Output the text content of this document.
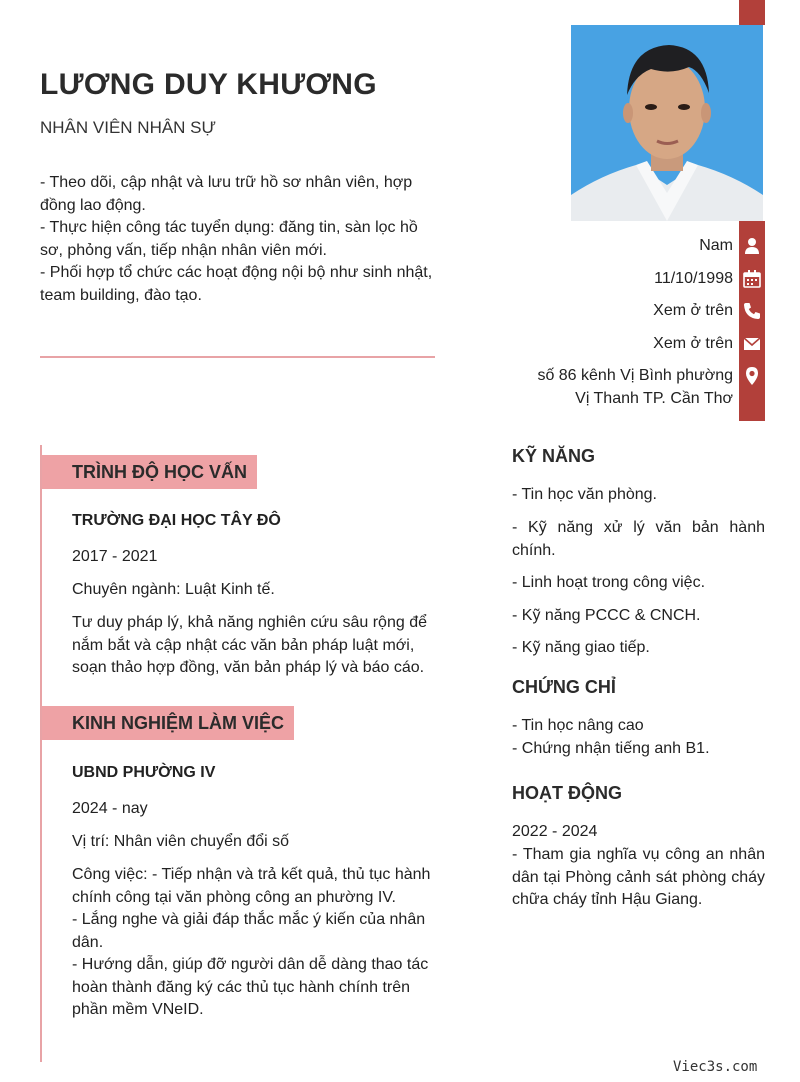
LƯƠNG DUY KHƯƠNG
NHÂN VIÊN NHÂN SỰ

- Theo dõi, cập nhật và lưu trữ hồ sơ nhân viên, hợp đồng lao động.

- Thực hiện công tác tuyển dụng: đăng tin, sàn lọc hồ sơ, phỏng vấn, tiếp nhận nhân viên mới.

- Phối hợp tổ chức các hoạt động nội bộ như sinh nhật, team building, đào tạo.

Nam
11/10/1998
Xem ở trên
Xem ở trên
số 86 kênh Vị Bình phường
Vị Thanh TP. Cần Thơ
TRÌNH ĐỘ HỌC VẤN
TRƯỜNG ĐẠI HỌC TÂY ĐÔ
2017 - 2021
Chuyên ngành: Luật Kinh tế.
Tư duy pháp lý, khả năng nghiên cứu sâu rộng để nắm bắt và cập nhật các văn bản pháp luật mới, soạn thảo hợp đồng, văn bản pháp lý và báo cáo.
KINH NGHIỆM LÀM VIỆC
UBND PHƯỜNG IV
2024 - nay
Vị trí: Nhân viên chuyển đổi số
Công việc: - Tiếp nhận và trả kết quả, thủ tục hành chính công tại văn phòng công an phường IV.
- Lắng nghe và giải đáp thắc mắc ý kiến của nhân dân.
- Hướng dẫn, giúp đỡ người dân dễ dàng thao tác hoàn thành đăng ký các thủ tục hành chính trên phần mềm VNeID.
KỸ NĂNG
- Tin học văn phòng.
- Kỹ năng xử lý văn bản hành chính.
- Linh hoạt trong công việc.
- Kỹ năng PCCC & CNCH.
- Kỹ năng giao tiếp.
CHỨNG CHỈ
- Tin học nâng cao
- Chứng nhận tiếng anh B1.
HOẠT ĐỘNG
2022 - 2024
- Tham gia nghĩa vụ công an nhân dân tại Phòng cảnh sát phòng cháy chữa cháy tỉnh Hậu Giang.
Viec3s.com
